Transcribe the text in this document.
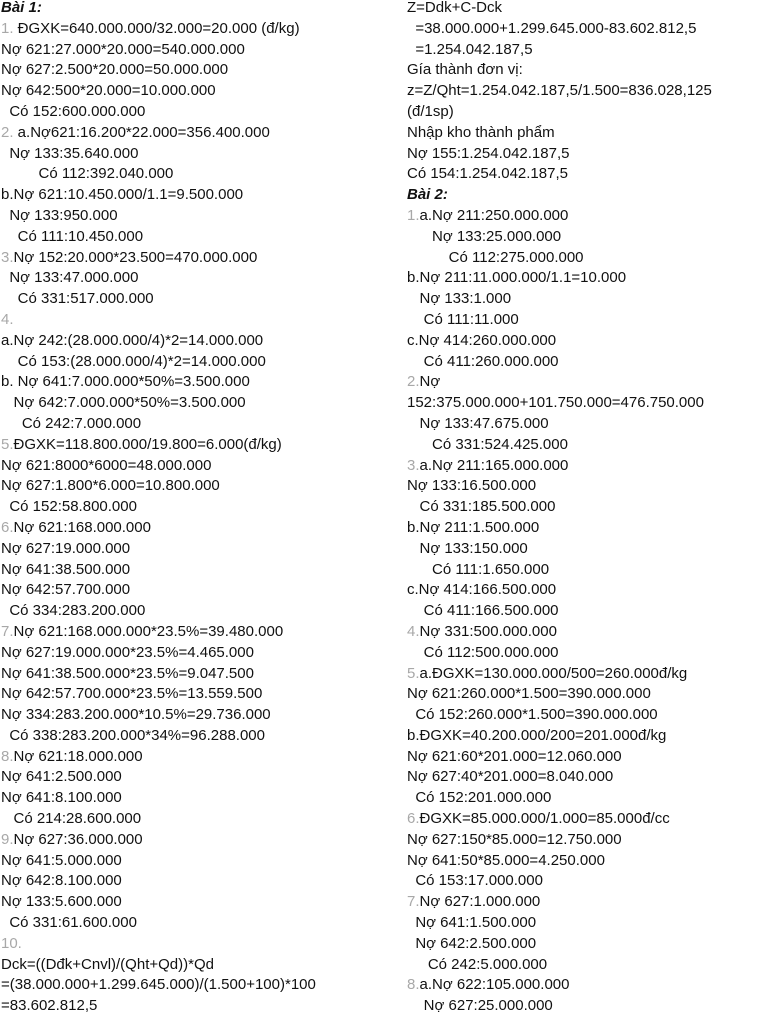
Bài 1:
1. ĐGXK=640.000.000/32.000=20.000 (đ/kg)
Nợ 621:27.000*20.000=540.000.000
Nợ 627:2.500*20.000=50.000.000
Nợ 642:500*20.000=10.000.000
Có 152:600.000.000
2. a.Nợ621:16.200*22.000=356.400.000
Nợ 133:35.640.000
Có 112:392.040.000
b.Nợ 621:10.450.000/1.1=9.500.000
Nợ 133:950.000
Có 111:10.450.000
3.Nợ 152:20.000*23.500=470.000.000
Nợ 133:47.000.000
Có 331:517.000.000
4.
a.Nợ 242:(28.000.000/4)*2=14.000.000
Có 153:(28.000.000/4)*2=14.000.000
b. Nợ 641:7.000.000*50%=3.500.000
Nợ 642:7.000.000*50%=3.500.000
Có 242:7.000.000
5.ĐGXK=118.800.000/19.800=6.000(đ/kg)
Nợ 621:8000*6000=48.000.000
Nợ 627:1.800*6.000=10.800.000
Có 152:58.800.000
6.Nợ 621:168.000.000
Nợ 627:19.000.000
Nợ 641:38.500.000
Nợ 642:57.700.000
Có 334:283.200.000
7.Nợ 621:168.000.000*23.5%=39.480.000
Nợ 627:19.000.000*23.5%=4.465.000
Nợ 641:38.500.000*23.5%=9.047.500
Nợ 642:57.700.000*23.5%=13.559.500
Nợ 334:283.200.000*10.5%=29.736.000
Có 338:283.200.000*34%=96.288.000
8.Nợ 621:18.000.000
Nợ 641:2.500.000
Nợ 641:8.100.000
Có 214:28.600.000
9.Nợ 627:36.000.000
Nợ 641:5.000.000
Nợ 642:8.100.000
Nợ 133:5.600.000
Có 331:61.600.000
10.
Dck=((Dđk+Cnvl)/(Qht+Qd))*Qd
=(38.000.000+1.299.645.000)/(1.500+100)*100
=83.602.812,5
Z=Ddk+C-Dck
=38.000.000+1.299.645.000-83.602.812,5
=1.254.042.187,5
Gía thành đơn vị:
z=Z/Qht=1.254.042.187,5/1.500=836.028,125
(đ/1sp)
Nhập kho thành phẩm
Nợ 155:1.254.042.187,5
Có 154:1.254.042.187,5
Bài 2:
1.a.Nợ 211:250.000.000
Nợ 133:25.000.000
Có 112:275.000.000
b.Nợ 211:11.000.000/1.1=10.000
Nợ 133:1.000
Có 111:11.000
c.Nợ 414:260.000.000
Có 411:260.000.000
2.Nợ
152:375.000.000+101.750.000=476.750.000
Nợ 133:47.675.000
Có 331:524.425.000
3.a.Nợ 211:165.000.000
Nợ 133:16.500.000
Có 331:185.500.000
b.Nợ 211:1.500.000
Nợ 133:150.000
Có 111:1.650.000
c.Nợ 414:166.500.000
Có 411:166.500.000
4.Nợ 331:500.000.000
Có 112:500.000.000
5.a.ĐGXK=130.000.000/500=260.000đ/kg
Nợ 621:260.000*1.500=390.000.000
Có 152:260.000*1.500=390.000.000
b.ĐGXK=40.200.000/200=201.000đ/kg
Nợ 621:60*201.000=12.060.000
Nợ 627:40*201.000=8.040.000
Có 152:201.000.000
6.ĐGXK=85.000.000/1.000=85.000đ/cc
Nợ 627:150*85.000=12.750.000
Nợ 641:50*85.000=4.250.000
Có 153:17.000.000
7.Nợ 627:1.000.000
Nợ 641:1.500.000
Nợ 642:2.500.000
Có 242:5.000.000
8.a.Nợ 622:105.000.000
Nợ 627:25.000.000
